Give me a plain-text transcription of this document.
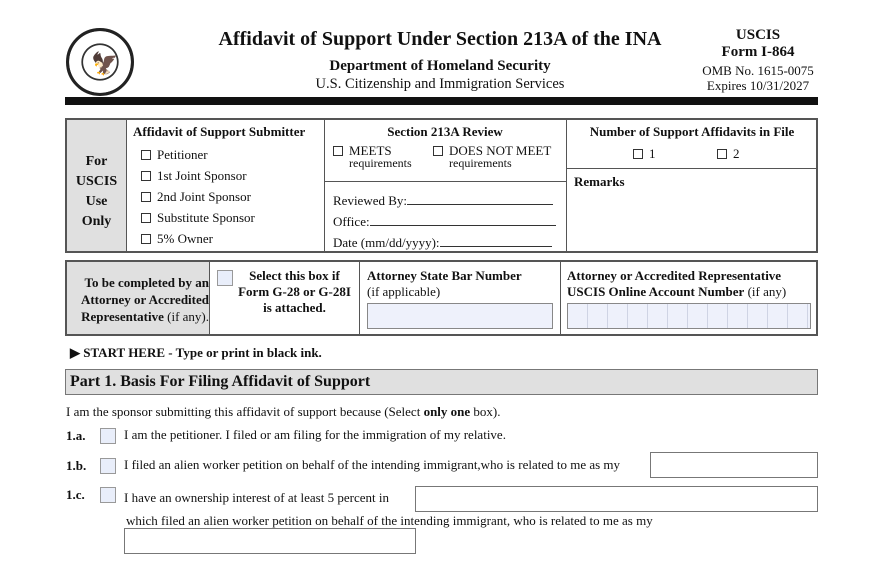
🦅
Affidavit of Support Under Section 213A of the INA
Department of Homeland Security
U.S. Citizenship and Immigration Services
USCIS
Form I-864
OMB No. 1615-0075
Expires 10/31/2027
For
USCIS
Use
Only
Affidavit of Support Submitter
Petitioner
1st Joint Sponsor
2nd Joint Sponsor
Substitute Sponsor
5% Owner
Section 213A Review
MEETS
requirements
DOES NOT MEET
requirements
Reviewed By:
Office:
Date (mm/dd/yyyy):
Number of Support Affidavits in File
1	2
Remarks
To be completed by an Attorney or Accredited Representative (if any).
Select this box if Form G-28 or G-28I is attached.
Attorney State Bar Number
(if applicable)
Attorney or Accredited Representative USCIS Online Account Number (if any)
▶ START HERE - Type or print in black ink.
Part 1. Basis For Filing Affidavit of Support
I am the sponsor submitting this affidavit of support because (Select only one box).
1.a.	I am the petitioner. I filed or am filing for the immigration of my relative.
1.b.	I filed an alien worker petition on behalf of the intending immigrant,who is related to me as my
1.c.	I have an ownership interest of at least 5 percent in
which filed an alien worker petition on behalf of the intending immigrant, who is related to me as my
